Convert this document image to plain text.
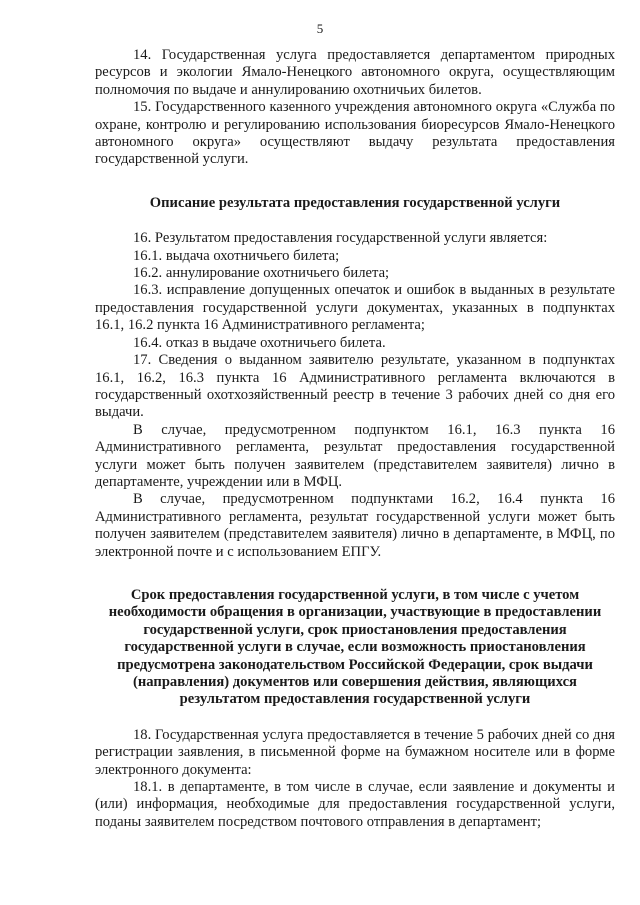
5

14. Государственная услуга предоставляется департаментом природных ресурсов и экологии Ямало-Ненецкого автономного округа, осуществляющим полномочия по выдаче и аннулированию охотничьих билетов.

15. Государственного казенного учреждения автономного округа «Служба по охране, контролю и регулированию использования биоресурсов Ямало-Ненецкого автономного округа» осуществляют выдачу результата предоставления государственной услуги.

Описание результата предоставления государственной услуги

16. Результатом предоставления государственной услуги является:

16.1. выдача охотничьего билета;

16.2. аннулирование охотничьего билета;

16.3. исправление допущенных опечаток и ошибок в выданных в результате предоставления государственной услуги документах, указанных в подпунктах 16.1, 16.2 пункта 16 Административного регламента;

16.4. отказ в выдаче охотничьего билета.

17. Сведения о выданном заявителю результате, указанном в подпунктах 16.1, 16.2, 16.3 пункта 16 Административного регламента включаются в государственный охотхозяйственный реестр в течение 3 рабочих дней со дня его выдачи.

В случае, предусмотренном подпунктом 16.1, 16.3 пункта 16 Административного регламента, результат предоставления государственной услуги может быть получен заявителем (представителем заявителя) лично в департаменте, учреждении или в МФЦ.

В случае, предусмотренном подпунктами 16.2, 16.4 пункта 16 Административного регламента, результат государственной услуги может быть получен заявителем (представителем заявителя) лично в департаменте, в МФЦ, по электронной почте и с использованием ЕПГУ.

Срок предоставления государственной услуги, в том числе с учетом

необходимости обращения в организации, участвующие в предоставлении

государственной услуги, срок приостановления предоставления

государственной услуги в случае, если возможность приостановления

предусмотрена законодательством Российской Федерации, срок выдачи

(направления) документов или совершения действия, являющихся

результатом предоставления государственной услуги

18. Государственная услуга предоставляется в течение 5 рабочих дней со дня регистрации заявления, в письменной форме на бумажном носителе или в форме электронного документа:

18.1. в департаменте, в том числе в случае, если заявление и документы и (или) информация, необходимые для предоставления государственной услуги, поданы заявителем посредством почтового отправления в департамент;
